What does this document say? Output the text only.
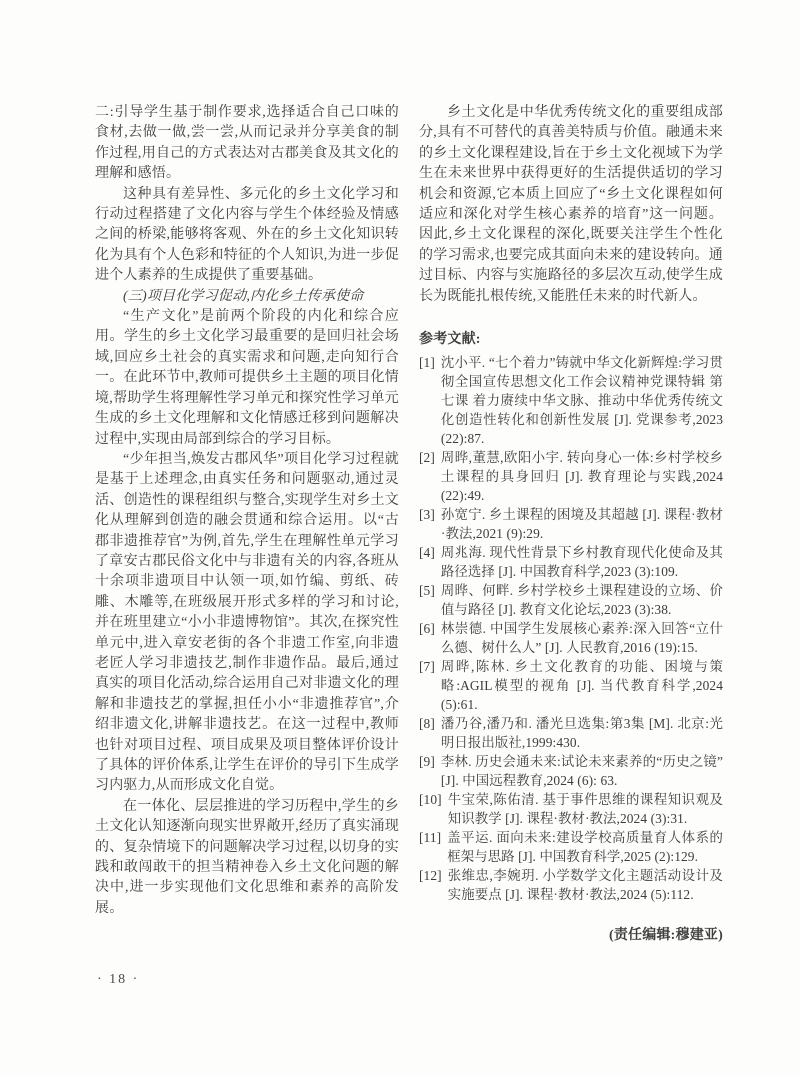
二:引导学生基于制作要求,选择适合自己口味的食材,去做一做,尝一尝,从而记录并分享美食的制作过程,用自己的方式表达对古郡美食及其文化的理解和感悟。

这种具有差异性、多元化的乡土文化学习和行动过程搭建了文化内容与学生个体经验及情感之间的桥梁,能够将客观、外在的乡土文化知识转化为具有个人色彩和特征的个人知识,为进一步促进个人素养的生成提供了重要基础。

(三)项目化学习促动,内化乡土传承使命

“生产文化”是前两个阶段的内化和综合应用。学生的乡土文化学习最重要的是回归社会场域,回应乡土社会的真实需求和问题,走向知行合一。在此环节中,教师可提供乡土主题的项目化情境,帮助学生将理解性学习单元和探究性学习单元生成的乡土文化理解和文化情感迁移到问题解决过程中,实现由局部到综合的学习目标。

“少年担当,焕发古郡风华”项目化学习过程就是基于上述理念,由真实任务和问题驱动,通过灵活、创造性的课程组织与整合,实现学生对乡土文化从理解到创造的融会贯通和综合运用。以“古郡非遗推荐官”为例,首先,学生在理解性单元学习了章安古郡民俗文化中与非遗有关的内容,各班从十余项非遗项目中认领一项,如竹编、剪纸、砖雕、木雕等,在班级展开形式多样的学习和讨论,并在班里建立“小小非遗博物馆”。其次,在探究性单元中,进入章安老街的各个非遗工作室,向非遗老匠人学习非遗技艺,制作非遗作品。最后,通过真实的项目化活动,综合运用自己对非遗文化的理解和非遗技艺的掌握,担任小小“非遗推荐官”,介绍非遗文化,讲解非遗技艺。在这一过程中,教师也针对项目过程、项目成果及项目整体评价设计了具体的评价体系,让学生在评价的导引下生成学习内驱力,从而形成文化自觉。

在一体化、层层推进的学习历程中,学生的乡土文化认知逐渐向现实世界敞开,经历了真实涌现的、复杂情境下的问题解决学习过程,以切身的实践和敢闯敢干的担当精神卷入乡土文化问题的解决中,进一步实现他们文化思维和素养的高阶发展。

乡土文化是中华优秀传统文化的重要组成部分,具有不可替代的真善美特质与价值。融通未来的乡土文化课程建设,旨在于乡土文化视域下为学生在未来世界中获得更好的生活提供适切的学习机会和资源,它本质上回应了“乡土文化课程如何适应和深化对学生核心素养的培育”这一问题。因此,乡土文化课程的深化,既要关注学生个性化的学习需求,也要完成其面向未来的建设转向。通过目标、内容与实施路径的多层次互动,使学生成长为既能扎根传统,又能胜任未来的时代新人。

参考文献:

[1] 沈小平. “七个着力”铸就中华文化新辉煌:学习贯彻全国宣传思想文化工作会议精神党课特辑 第七课 着力赓续中华文脉、推动中华优秀传统文化创造性转化和创新性发展 [J]. 党课参考,2023 (22):87.
[2] 周晔,董慧,欧阳小宇. 转向身心一体:乡村学校乡土课程的具身回归 [J]. 教育理论与实践,2024 (22):49.
[3] 孙宽宁. 乡土课程的困境及其超越 [J]. 课程·教材·教法,2021 (9):29.
[4] 周兆海. 现代性背景下乡村教育现代化使命及其路径选择 [J]. 中国教育科学,2023 (3):109.
[5] 周晔、何畔. 乡村学校乡土课程建设的立场、价值与路径 [J]. 教育文化论坛,2023 (3):38.
[6] 林崇德. 中国学生发展核心素养:深入回答“立什么德、树什么人” [J]. 人民教育,2016 (19):15.
[7] 周晔,陈林. 乡土文化教育的功能、困境与策略:AGIL模型的视角 [J]. 当代教育科学,2024 (5):61.
[8] 潘乃谷,潘乃和. 潘光旦选集:第3集 [M]. 北京:光明日报出版社,1999:430.
[9] 李林. 历史会通未来:试论未来素养的“历史之镜” [J]. 中国远程教育,2024 (6): 63.
[10] 牛宝荣,陈佑清. 基于事件思维的课程知识观及知识教学 [J]. 课程·教材·教法,2024 (3):31.
[11] 盖平运. 面向未来:建设学校高质量育人体系的框架与思路 [J]. 中国教育科学,2025 (2):129.
[12] 张维忠,李婉玥. 小学数学文化主题活动设计及实施要点 [J]. 课程·教材·教法,2024 (5):112.

(责任编辑:穆建亚)

· 18 ·
